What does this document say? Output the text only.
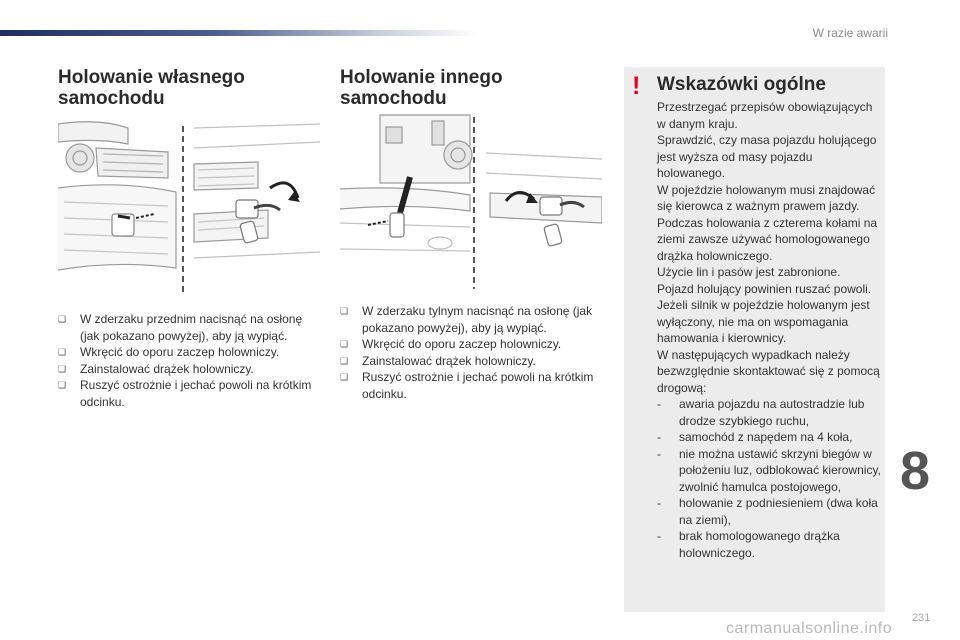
W razie awarii
Holowanie własnego
samochodu
❑ W zderzaku przednim nacisnąć na osłonę (jak pokazano powyżej), aby ją wypiąć.
❑ Wkręcić do oporu zaczep holowniczy.
❑ Zainstalować drążek holowniczy.
❑ Ruszyć ostrożnie i jechać powoli na krótkim odcinku.
Holowanie innego
samochodu
❑ W zderzaku tylnym nacisnąć na osłonę (jak pokazano powyżej), aby ją wypiąć.
❑ Wkręcić do oporu zaczep holowniczy.
❑ Zainstalować drążek holowniczy.
❑ Ruszyć ostrożnie i jechać powoli na krótkim odcinku.
! Wskazówki ogólne

Przestrzegać przepisów obowiązujących w danym kraju.

Sprawdzić, czy masa pojazdu holującego jest wyższa od masy pojazdu holowanego.

W pojeździe holowanym musi znajdować się kierowca z ważnym prawem jazdy.

Podczas holowania z czterema kołami na ziemi zawsze używać homologowanego drążka holowniczego.

Użycie lin i pasów jest zabronione.

Pojazd holujący powinien ruszać powoli.

Jeżeli silnik w pojeździe holowanym jest wyłączony, nie ma on wspomagania hamowania i kierownicy.

W następujących wypadkach należy bezwzględnie skontaktować się z pomocą drogową:

- awaria pojazdu na autostradzie lub drodze szybkiego ruchu,
- samochód z napędem na 4 koła,
- nie można ustawić skrzyni biegów w położeniu luz, odblokować kierownicy, zwolnić hamulca postojowego,
- holowanie z podniesieniem (dwa koła na ziemi),
- brak homologowanego drążka holowniczego.
8
231
carmanualsonline.info
